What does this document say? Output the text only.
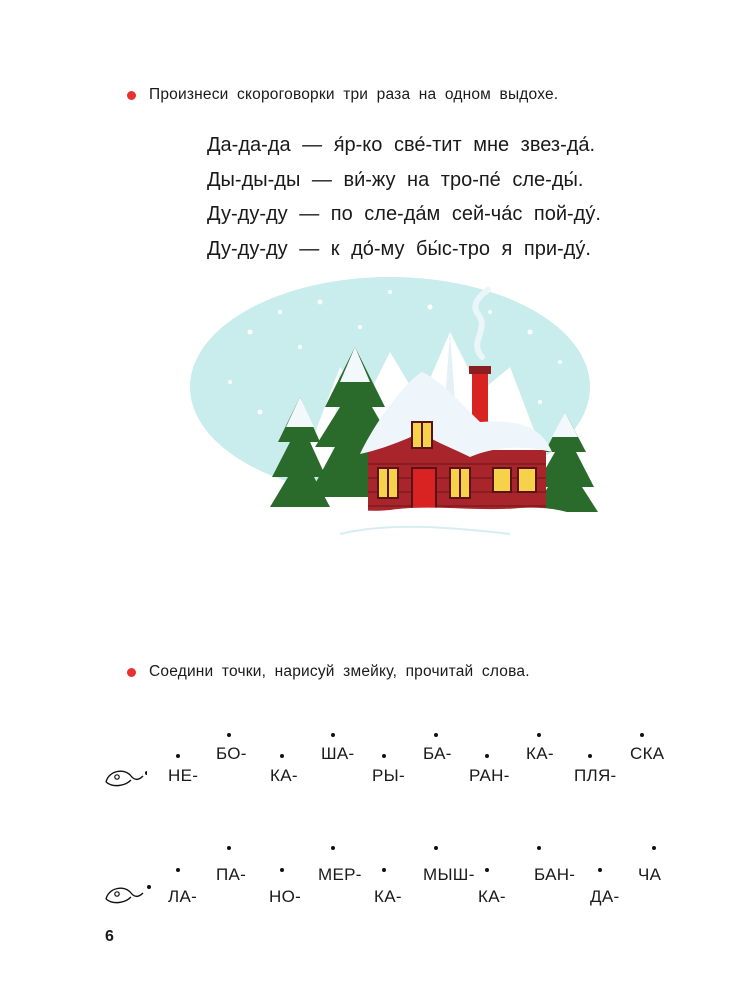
Произнеси скороговорки три раза на одном выдохе.
Да-да-да — я́р-ко све́-тит мне звез-да́.
Ды-ды-ды — ви́-жу на тро-пе́ сле-ды́.
Ду-ду-ду — по сле-да́м сей-ча́с пой-ду́.
Ду-ду-ду — к до́-му бы́с-тро я при-ду́.
Соедини точки, нарисуй змейку, прочитай слова.
БО-	ША-	БА-	КА-	СКА
НЕ-	КА-	РЫ-	РАН-	ПЛЯ-
ПА-	МЕР-	МЫШ-	БАН-	ЧА
ЛА-	НО-	КА-	КА-	ДА-
6
